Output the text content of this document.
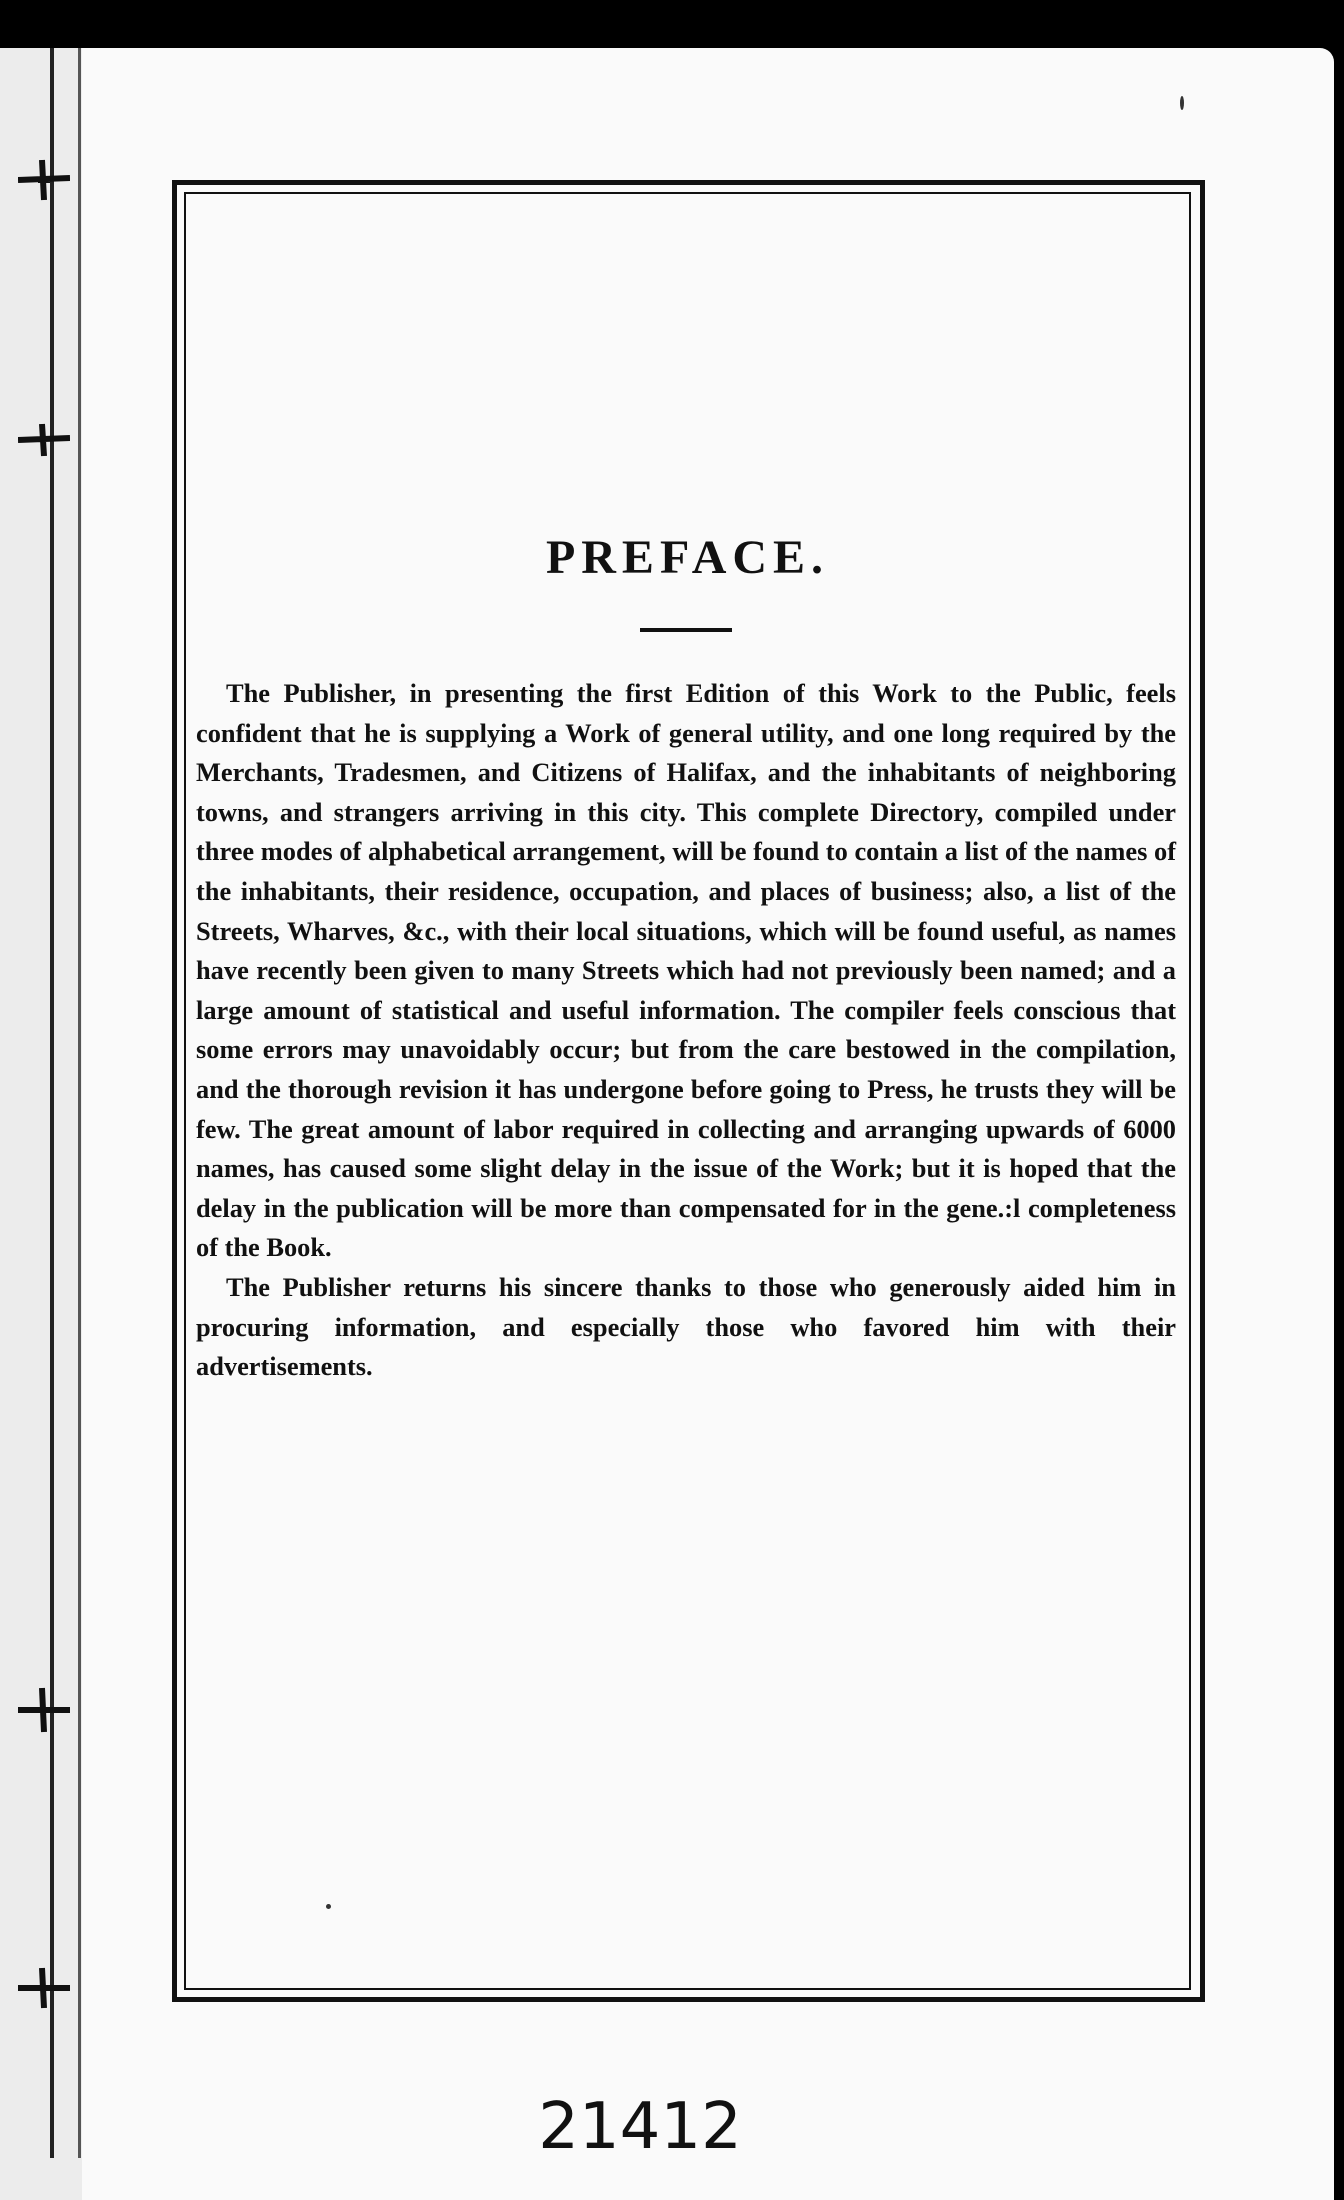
PREFACE.

The Publisher, in presenting the first Edition of this Work to the Public, feels confident that he is supplying a Work of general utility, and one long required by the Merchants, Tradesmen, and Citizens of Halifax, and the inhabitants of neighboring towns, and strangers arriving in this city. This complete Directory, compiled under three modes of alphabetical arrangement, will be found to contain a list of the names of the inhabitants, their residence, occupation, and places of business; also, a list of the Streets, Wharves, &c., with their local situations, which will be found useful, as names have recently been given to many Streets which had not previously been named; and a large amount of statistical and useful information. The compiler feels conscious that some errors may unavoidably occur; but from the care bestowed in the compilation, and the thorough revision it has undergone before going to Press, he trusts they will be few. The great amount of labor required in collecting and arranging upwards of 6000 names, has caused some slight delay in the issue of the Work; but it is hoped that the delay in the publication will be more than compensated for in the gene.:l completeness of the Book.

The Publisher returns his sincere thanks to those who generously aided him in procuring information, and especially those who favored him with their advertisements.

21412
